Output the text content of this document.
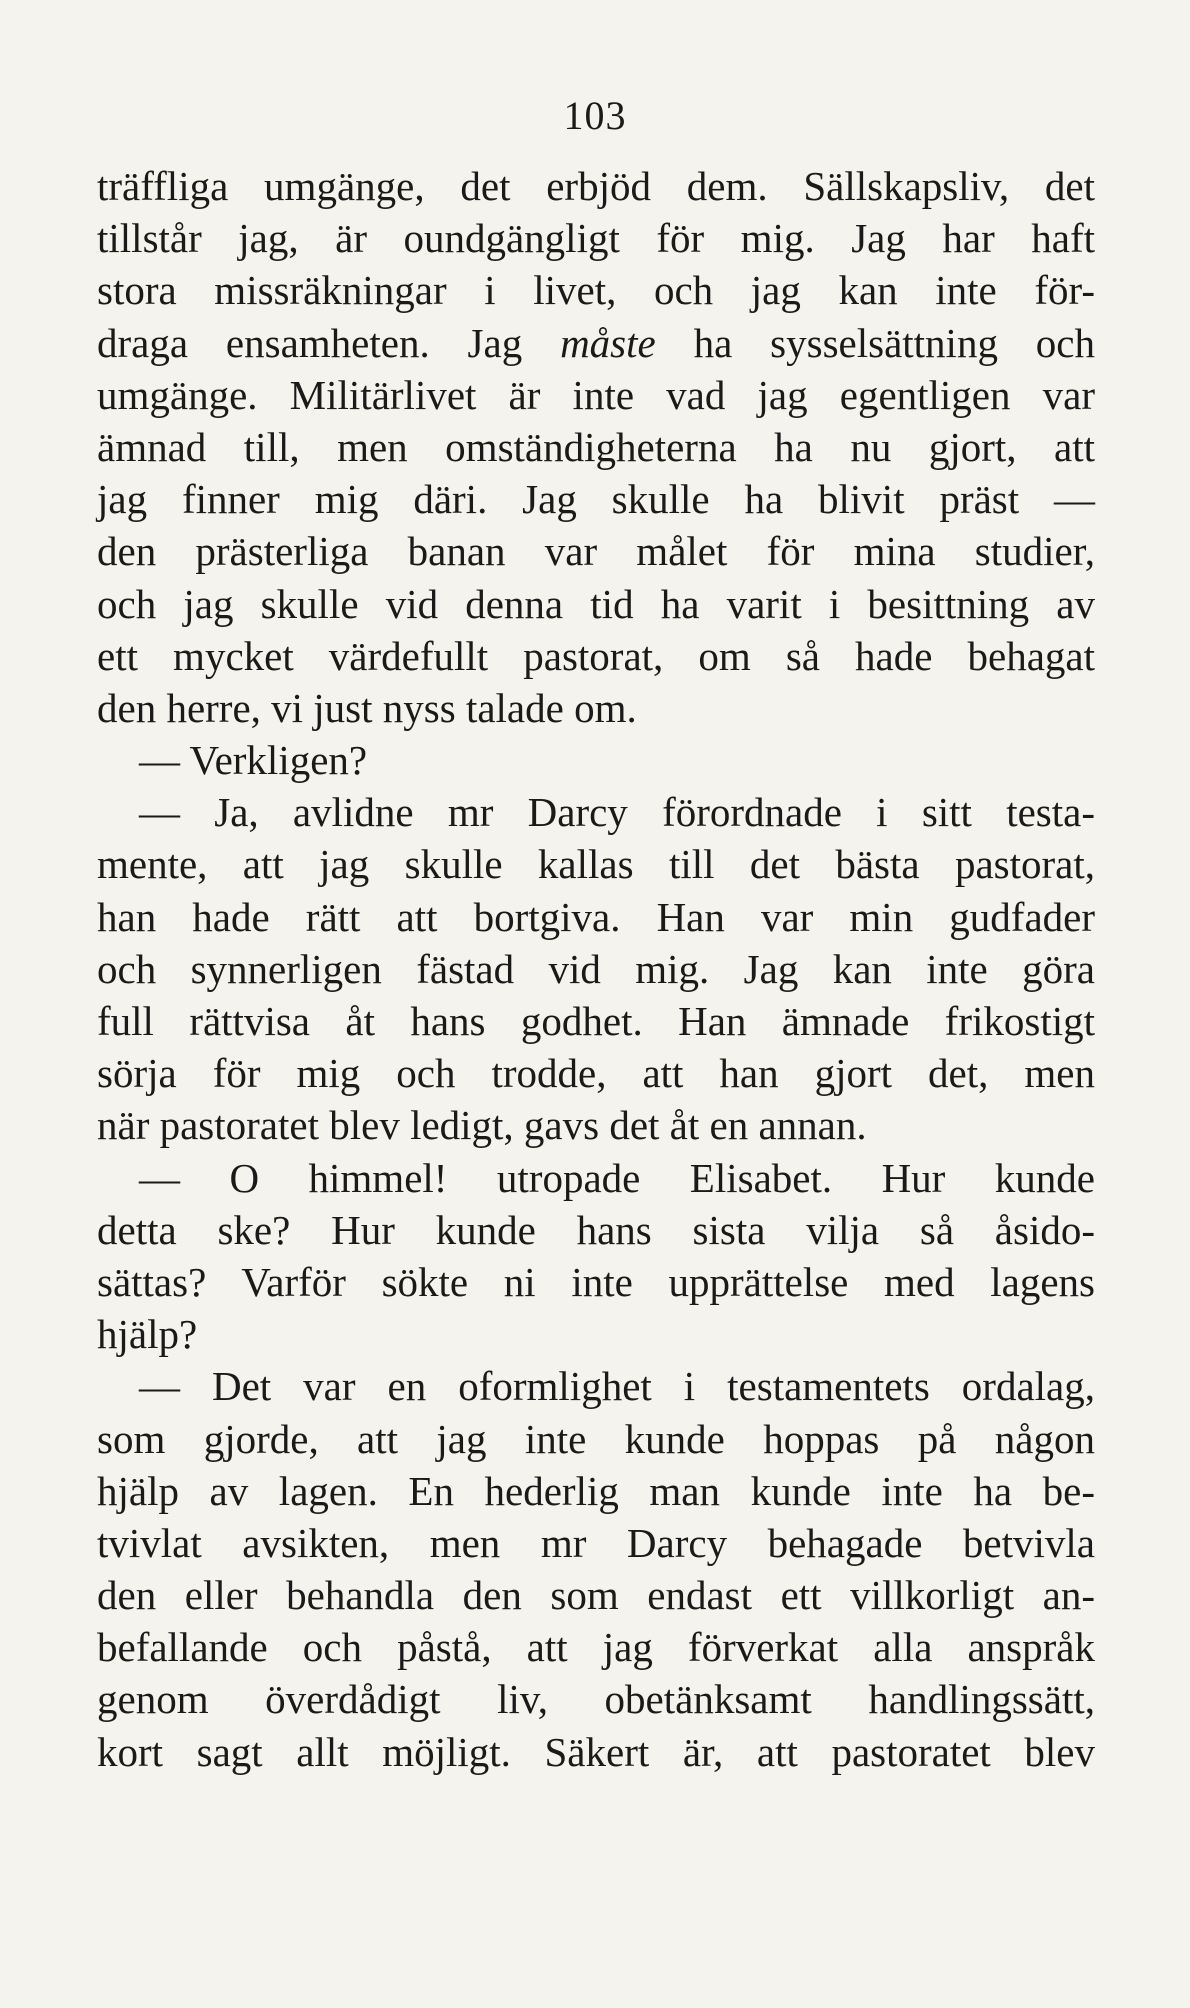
103
träffliga umgänge, det erbjöd dem. Sällskapsliv, det
tillstår jag, är oundgängligt för mig. Jag har haft
stora missräkningar i livet, och jag kan inte för-
draga ensamheten. Jag måste ha sysselsättning och
umgänge. Militärlivet är inte vad jag egentligen var
ämnad till, men omständigheterna ha nu gjort, att
jag finner mig däri. Jag skulle ha blivit präst —
den prästerliga banan var målet för mina studier,
och jag skulle vid denna tid ha varit i besittning av
ett mycket värdefullt pastorat, om så hade behagat
den herre, vi just nyss talade om.
— Verkligen?
— Ja, avlidne mr Darcy förordnade i sitt testa-
mente, att jag skulle kallas till det bästa pastorat,
han hade rätt att bortgiva. Han var min gudfader
och synnerligen fästad vid mig. Jag kan inte göra
full rättvisa åt hans godhet. Han ämnade frikostigt
sörja för mig och trodde, att han gjort det, men
när pastoratet blev ledigt, gavs det åt en annan.
— O himmel! utropade Elisabet. Hur kunde
detta ske? Hur kunde hans sista vilja så åsido-
sättas? Varför sökte ni inte upprättelse med lagens
hjälp?
— Det var en oformlighet i testamentets ordalag,
som gjorde, att jag inte kunde hoppas på någon
hjälp av lagen. En hederlig man kunde inte ha be-
tvivlat avsikten, men mr Darcy behagade betvivla
den eller behandla den som endast ett villkorligt an-
befallande och påstå, att jag förverkat alla anspråk
genom överdådigt liv, obetänksamt handlingssätt,
kort sagt allt möjligt. Säkert är, att pastoratet blev
